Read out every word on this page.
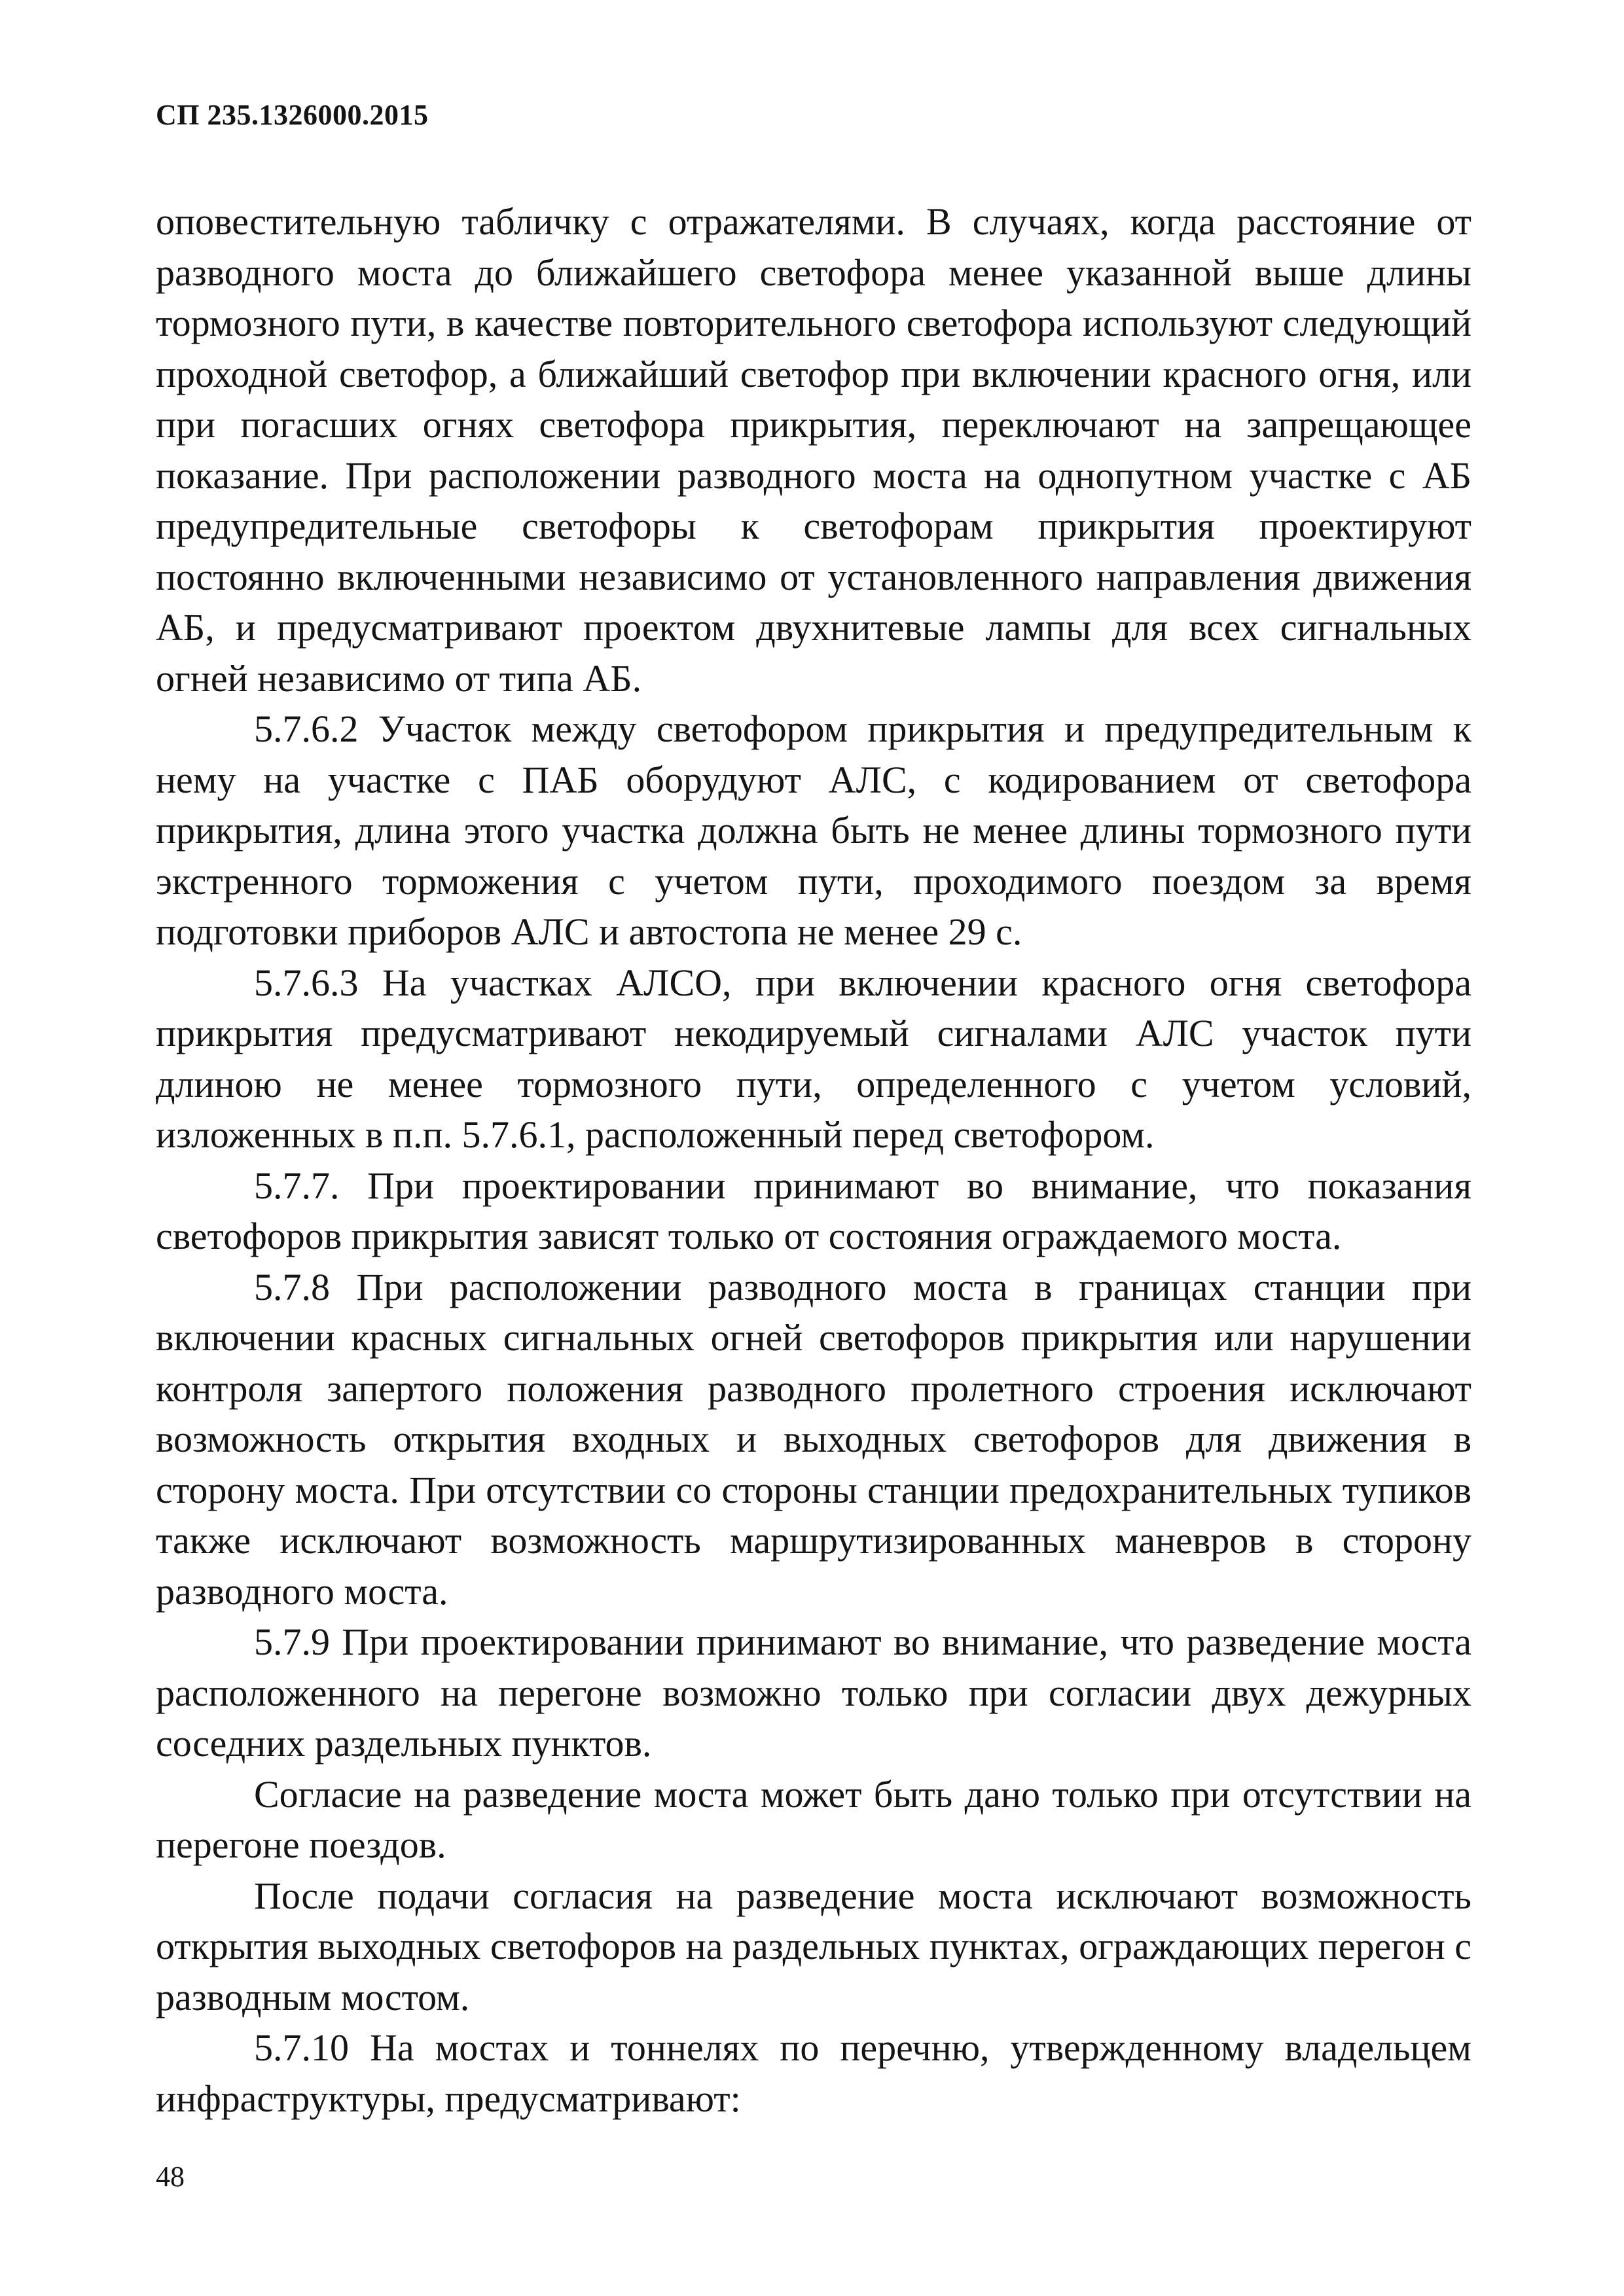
СП 235.1326000.2015

оповестительную табличку с отражателями. В случаях, когда расстояние от разводного моста до ближайшего светофора менее указанной выше длины тормозного пути, в качестве повторительного светофора используют следующий проходной светофор, а ближайший светофор при включении красного огня, или при погасших огнях светофора прикрытия, переключают на запрещающее показание. При расположении разводного моста на однопутном участке с АБ предупредительные светофоры к светофорам прикрытия проектируют постоянно включенными независимо от установленного направления движения АБ, и предусматривают проектом двухнитевые лампы для всех сигнальных огней независимо от типа АБ.

5.7.6.2 Участок между светофором прикрытия и предупредительным к нему на участке с ПАБ оборудуют АЛС, с кодированием от светофора прикрытия, длина этого участка должна быть не менее длины тормозного пути экстренного торможения с учетом пути, проходимого поездом за время подготовки приборов АЛС и автостопа не менее 29 с.

5.7.6.3 На участках АЛСО, при включении красного огня светофора прикрытия предусматривают некодируемый сигналами АЛС участок пути длиною не менее тормозного пути, определенного с учетом условий, изложенных в п.п. 5.7.6.1, расположенный перед светофором.

5.7.7. При проектировании принимают во внимание, что показания светофоров прикрытия зависят только от состояния ограждаемого моста.

5.7.8 При расположении разводного моста в границах станции при включении красных сигнальных огней светофоров прикрытия или нарушении контроля запертого положения разводного пролетного строения исключают возможность открытия входных и выходных светофоров для движения в сторону моста. При отсутствии со стороны станции предохранительных тупиков также исключают возможность маршрутизированных маневров в сторону разводного моста.

5.7.9 При проектировании принимают во внимание, что разведение моста расположенного на перегоне возможно только при согласии двух дежурных соседних раздельных пунктов.

Согласие на разведение моста может быть дано только при отсутствии на перегоне поездов.

После подачи согласия на разведение моста исключают возможность открытия выходных светофоров на раздельных пунктах, ограждающих перегон с разводным мостом.

5.7.10 На мостах и тоннелях по перечню, утвержденному владельцем инфраструктуры, предусматривают:

48
